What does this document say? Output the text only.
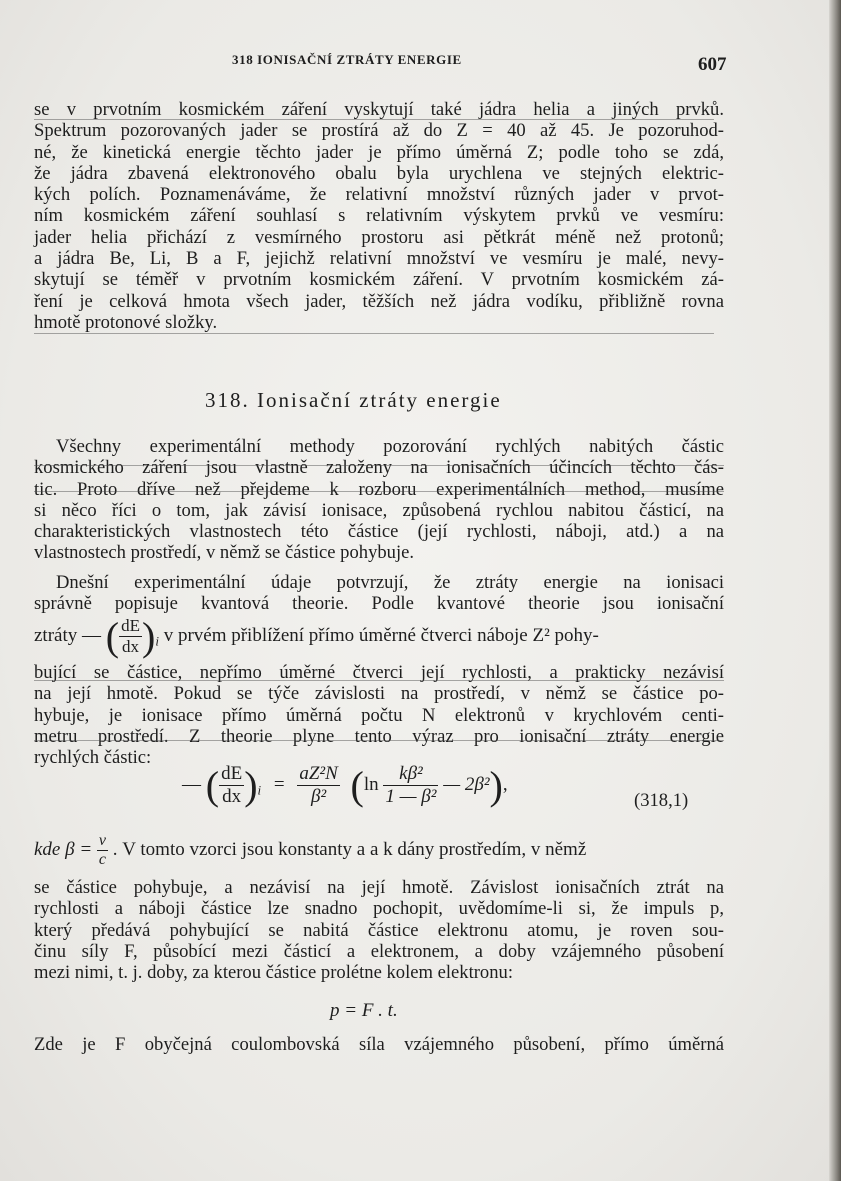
318 IONISAČNÍ ZTRÁTY ENERGIE	607
se v prvotním kosmickém záření vyskytují také jádra helia a jiných prvků.
Spektrum pozorovaných jader se prostírá až do Z = 40 až 45. Je pozoruhod-
né, že kinetická energie těchto jader je přímo úměrná Z; podle toho se zdá,
že jádra zbavená elektronového obalu byla urychlena ve stejných elektric-
kých polích. Poznamenáváme, že relativní množství různých jader v prvot-
ním kosmickém záření souhlasí s relativním výskytem prvků ve vesmíru:
jader helia přichází z vesmírného prostoru asi pětkrát méně než protonů;
a jádra Be, Li, B a F, jejichž relativní množství ve vesmíru je malé, nevy-
skytují se téměř v prvotním kosmickém záření. V prvotním kosmickém zá-
ření je celková hmota všech jader, těžších než jádra vodíku, přibližně rovna
hmotě protonové složky.
318. Ionisační ztráty energie
Všechny experimentální methody pozorování rychlých nabitých částic
kosmického záření jsou vlastně založeny na ionisačních účincích těchto čás-
tic. Proto dříve než přejdeme k rozboru experimentálních method, musíme
si něco říci o tom, jak závisí ionisace, způsobená rychlou nabitou částicí, na
charakteristických vlastnostech této částice (její rychlosti, náboji, atd.) a na
vlastnostech prostředí, v němž se částice pohybuje.
Dnešní experimentální údaje potvrzují, že ztráty energie na ionisaci
správně popisuje kvantová theorie. Podle kvantové theorie jsou ionisační
ztráty — ( $\frac{dE}{dx} )_i$ v prvém přiblížení přímo úměrné čtverci náboje Z² pohy-
bující se částice, nepřímo úměrné čtverci její rychlosti, a prakticky nezávisí
na její hmotě. Pokud se týče závislosti na prostředí, v němž se částice po-
hybuje, je ionisace přímo úměrná počtu N elektronů v krychlovém centi-
metru prostředí. Z theorie plyne tento výraz pro ionisační ztráty energie
rychlých částic:
— ( $\frac{dE}{dx} )_i = \frac{\text{aZ²N}}{\text{β²}} (\ln \frac{\text{kβ²}}{\text{1 — β²}}$ — 2β²),
(318,1)
kde $\beta = \frac{v}{c}$ . V tomto vzorci jsou konstanty a a k dány prostředím, v němž
se částice pohybuje, a nezávisí na její hmotě. Závislost ionisačních ztrát na
rychlosti a náboji částice lze snadno pochopit, uvědomíme-li si, že impuls p,
který předává pohybující se nabitá částice elektronu atomu, je roven sou-
činu síly F, působící mezi částicí a elektronem, a doby vzájemného působení
mezi nimi, t. j. doby, za kterou částice prolétne kolem elektronu:
p = F . t.
Zde je F obyčejná coulombovská síla vzájemného působení, přímo úměrná
